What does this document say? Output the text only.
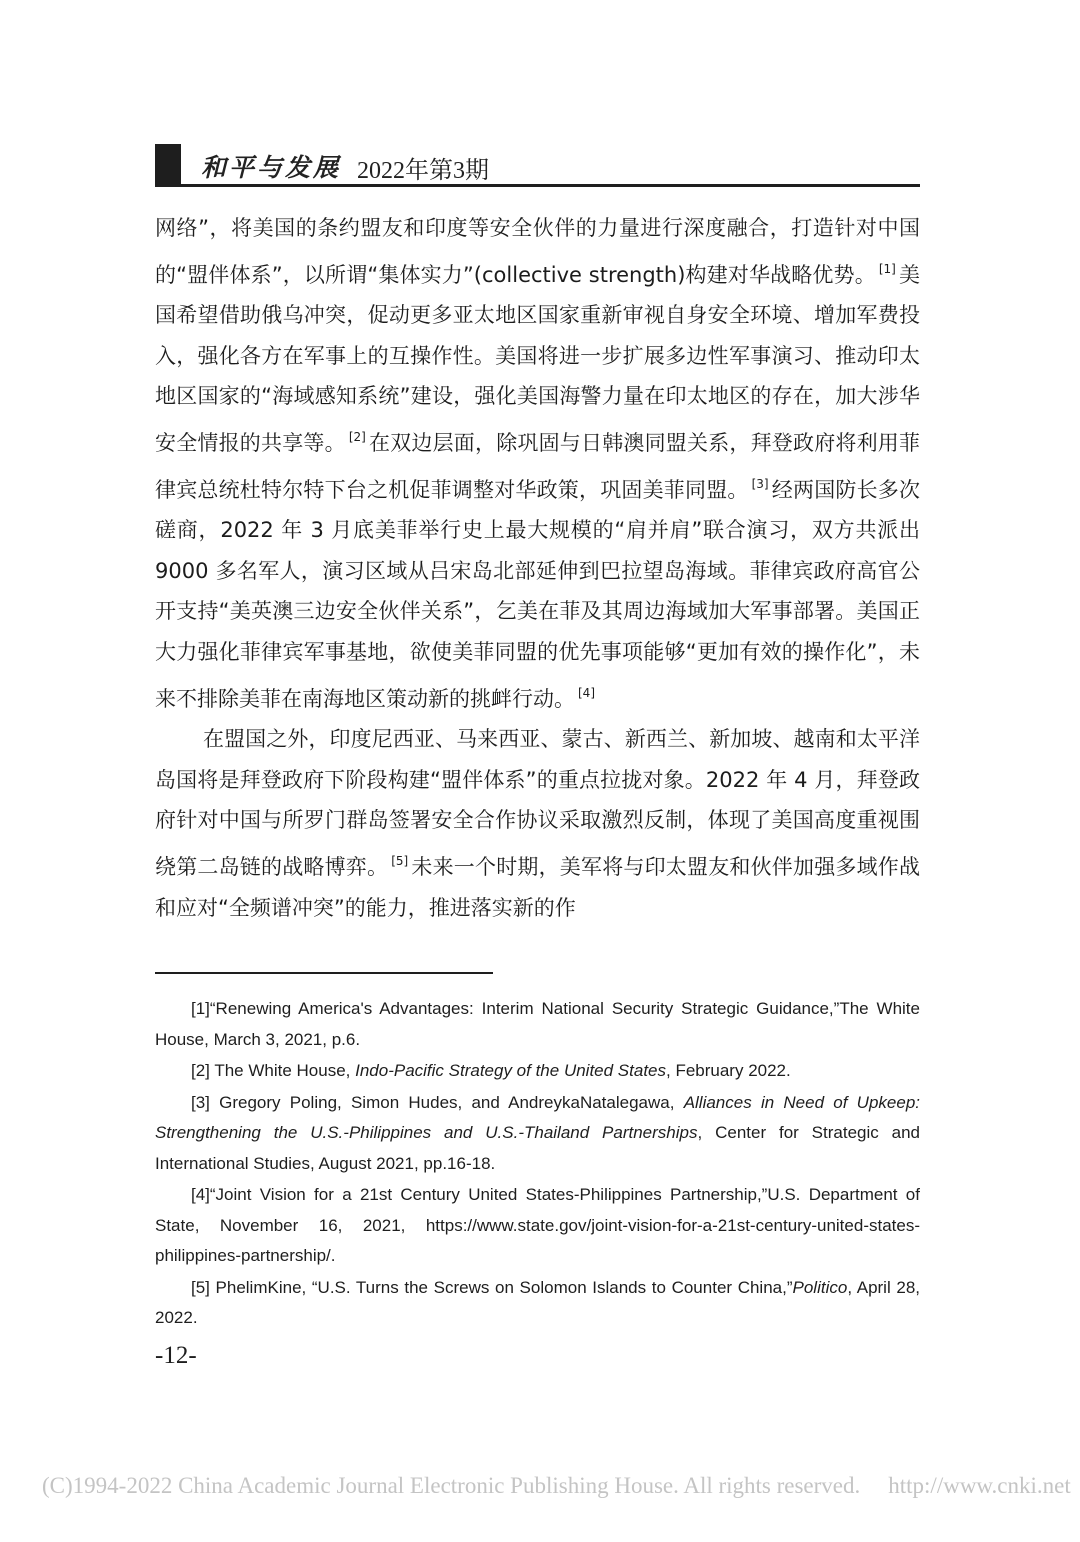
和平与发展 2022年第3期

网络”，将美国的条约盟友和印度等安全伙伴的力量进行深度融合，打造针对中国的“盟伴体系”，以所谓“集体实力”(collective strength)构建对华战略优势。 [1] 美国希望借助俄乌冲突，促动更多亚太地区国家重新审视自身安全环境、增加军费投入，强化各方在军事上的互操作性。美国将进一步扩展多边性军事演习、推动印太地区国家的“海域感知系统”建设，强化美国海警力量在印太地区的存在，加大涉华安全情报的共享等。 [2] 在双边层面，除巩固与日韩澳同盟关系，拜登政府将利用菲律宾总统杜特尔特下台之机促菲调整对华政策，巩固美菲同盟。 [3] 经两国防长多次磋商，2022 年 3 月底美菲举行史上最大规模的“肩并肩”联合演习，双方共派出 9000 多名军人，演习区域从吕宋岛北部延伸到巴拉望岛海域。菲律宾政府高官公开支持“美英澳三边安全伙伴关系”，乞美在菲及其周边海域加大军事部署。美国正大力强化菲律宾军事基地，欲使美菲同盟的优先事项能够“更加有效的操作化”，未来不排除美菲在南海地区策动新的挑衅行动。 [4]

在盟国之外，印度尼西亚、马来西亚、蒙古、新西兰、新加坡、越南和太平洋岛国将是拜登政府下阶段构建“盟伴体系”的重点拉拢对象。2022 年 4 月，拜登政府针对中国与所罗门群岛签署安全合作协议采取激烈反制，体现了美国高度重视围绕第二岛链的战略博弈。 [5] 未来一个时期，美军将与印太盟友和伙伴加强多域作战和应对“全频谱冲突”的能力，推进落实新的作

[1]“Renewing America's Advantages: Interim National Security Strategic Guidance,”The White House, March 3, 2021, p.6.

[2] The White House, Indo-Pacific Strategy of the United States, February 2022.

[3] Gregory Poling, Simon Hudes, and AndreykaNatalegawa, Alliances in Need of Upkeep: Strengthening the U.S.-Philippines and U.S.-Thailand Partnerships, Center for Strategic and International Studies, August 2021, pp.16-18.

[4]“Joint Vision for a 21st Century United States-Philippines Partnership,”U.S. Department of State, November 16, 2021, https://www.state.gov/joint-vision-for-a-21st-century-united-states-philippines-partnership/.

[5] PhelimKine, “U.S. Turns the Screws on Solomon Islands to Counter China,”Politico, April 28, 2022.

-12-
(C)1994-2022 China Academic Journal Electronic Publishing House. All rights reserved. http://www.cnki.net
